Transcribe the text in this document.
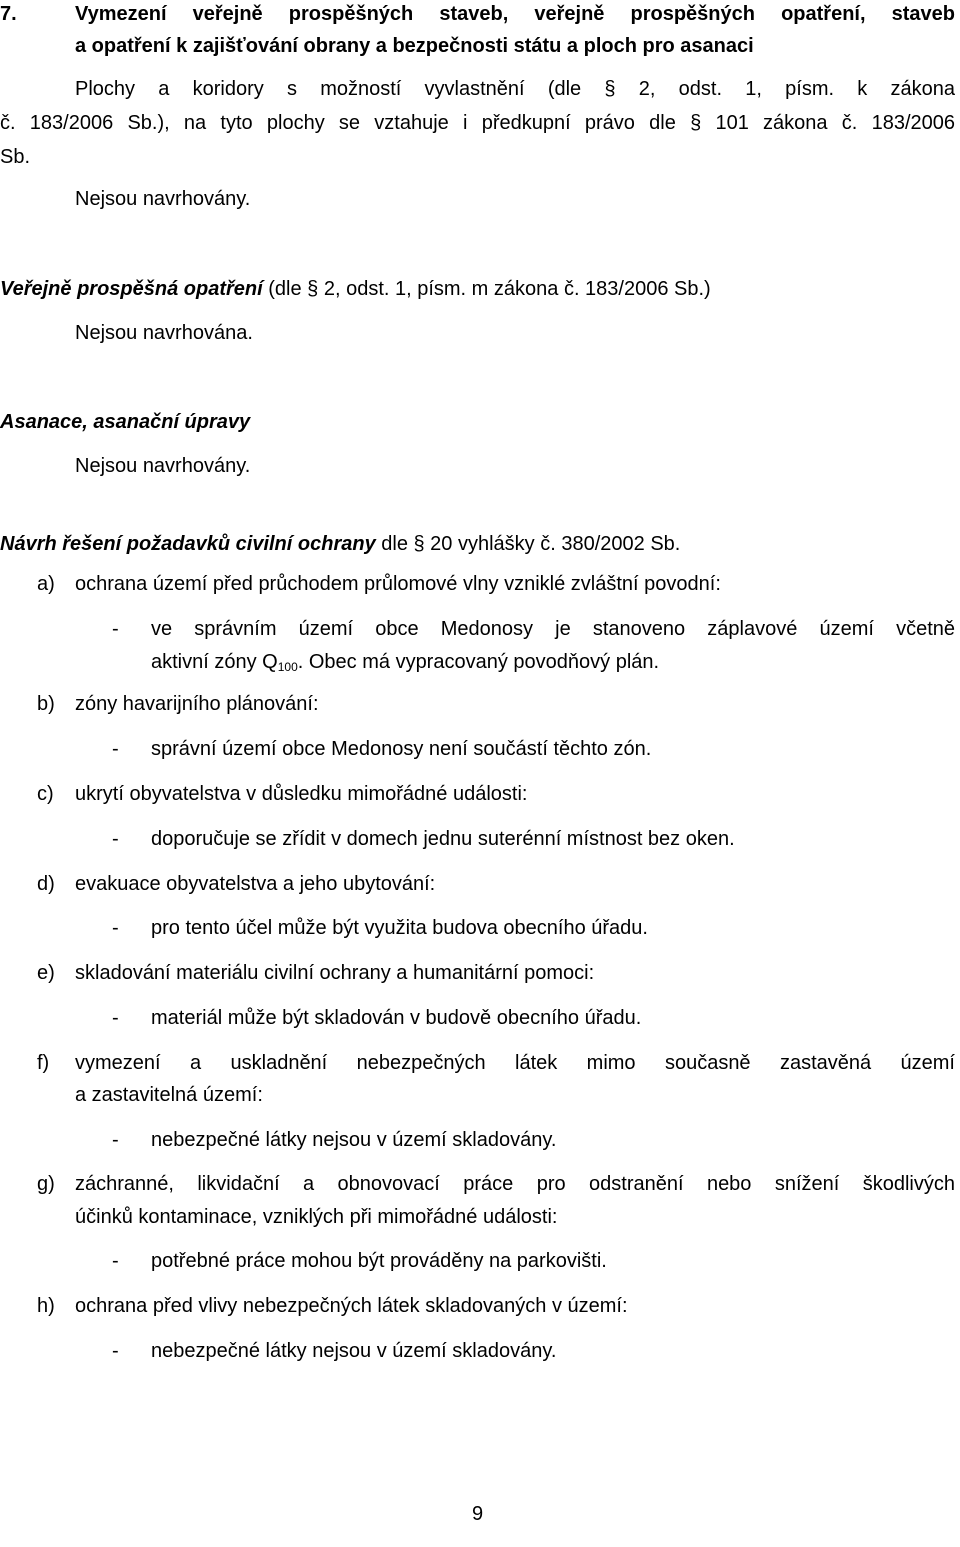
7.	Vymezení veřejně prospěšných staveb, veřejně prospěšných opatření, staveb
a opatření k zajišťování obrany a bezpečnosti státu a ploch pro asanaci
Plochy a koridory s možností vyvlastnění (dle § 2, odst. 1, písm. k zákona
č. 183/2006 Sb.), na tyto plochy se vztahuje i předkupní právo dle § 101 zákona č. 183/2006
Sb.
Nejsou navrhovány.
Veřejně prospěšná opatření (dle § 2, odst. 1, písm. m zákona č. 183/2006 Sb.)
Nejsou navrhována.
Asanace, asanační úpravy
Nejsou navrhovány.
Návrh řešení požadavků civilní ochrany dle § 20 vyhlášky č. 380/2002 Sb.
a) ochrana území před průchodem průlomové vlny vzniklé zvláštní povodní:
- ve správním území obce Medonosy je stanoveno záplavové území včetně
aktivní zóny $Q_{100}$. Obec má vypracovaný povodňový plán.
b) zóny havarijního plánování:
- správní území obce Medonosy není součástí těchto zón.
c) ukrytí obyvatelstva v důsledku mimořádné události:
- doporučuje se zřídit v domech jednu suterénní místnost bez oken.
d) evakuace obyvatelstva a jeho ubytování:
- pro tento účel může být využita budova obecního úřadu.
e) skladování materiálu civilní ochrany a humanitární pomoci:
- materiál může být skladován v budově obecního úřadu.
f) vymezení a uskladnění nebezpečných látek mimo současně zastavěná území
a zastavitelná území:
- nebezpečné látky nejsou v území skladovány.
g) záchranné, likvidační a obnovovací práce pro odstranění nebo snížení škodlivých
účinků kontaminace, vzniklých při mimořádné události:
- potřebné práce mohou být prováděny na parkovišti.
h) ochrana před vlivy nebezpečných látek skladovaných v území:
- nebezpečné látky nejsou v území skladovány.
9
